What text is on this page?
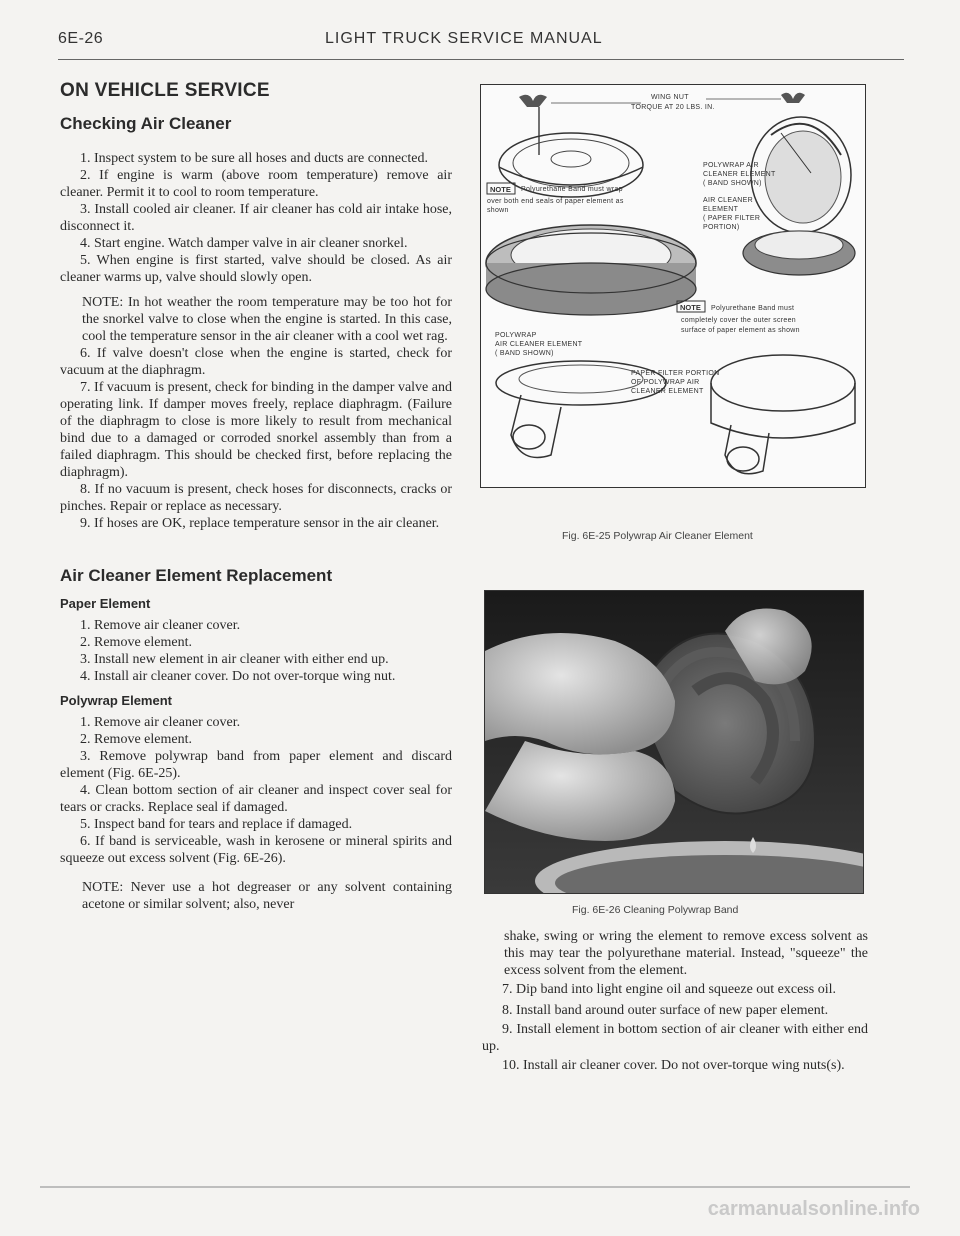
6E-26	LIGHT TRUCK SERVICE MANUAL
ON VEHICLE SERVICE
Checking Air Cleaner

1. Inspect system to be sure all hoses and ducts are connected.

2. If engine is warm (above room temperature) remove air cleaner. Permit it to cool to room temperature.

3. Install cooled air cleaner. If air cleaner has cold air intake hose, disconnect it.

4. Start engine. Watch damper valve in air cleaner snorkel.

5. When engine is first started, valve should be closed. As air cleaner warms up, valve should slowly open.

NOTE: In hot weather the room temperature may be too hot for the snorkel valve to close when the engine is started. In this case, cool the temperature sensor in the air cleaner with a cool wet rag.

6. If valve doesn't close when the engine is started, check for vacuum at the diaphragm.

7. If vacuum is present, check for binding in the damper valve and operating link. If damper moves freely, replace diaphragm. (Failure of the diaphragm to close is more likely to result from mechanical bind due to a damaged or corroded snorkel assembly than from a failed diaphragm. This should be checked first, before replacing the diaphragm).

8. If no vacuum is present, check hoses for disconnects, cracks or pinches. Repair or replace as necessary.

9. If hoses are OK, replace temperature sensor in the air cleaner.

Air Cleaner Element Replacement
Paper Element

1. Remove air cleaner cover.

2. Remove element.

3. Install new element in air cleaner with either end up.

4. Install air cleaner cover. Do not over-torque wing nut.

Polywrap Element

1. Remove air cleaner cover.

2. Remove element.

3. Remove polywrap band from paper element and discard element (Fig. 6E-25).

4. Clean bottom section of air cleaner and inspect cover seal for tears or cracks. Replace seal if damaged.

5. Inspect band for tears and replace if damaged.

6. If band is serviceable, wash in kerosene or mineral spirits and squeeze out excess solvent (Fig. 6E-26).

NOTE: Never use a hot degreaser or any solvent containing acetone or similar solvent; also, never

WING NUT
TORQUE AT 20 LBS. IN.
POLYWRAP AIR
CLEANER ELEMENT
( BAND SHOWN)
NOTE Polyurethane Band must wrap
over both end seals of paper element as
shown
AIR CLEANER
ELEMENT
( PAPER FILTER
PORTION)
NOTE Polyurethane Band must
completely cover the outer screen
surface of paper element as shown
POLYWRAP
AIR CLEANER ELEMENT
( BAND SHOWN)
PAPER FILTER PORTION
OF POLYWRAP AIR
CLEANER ELEMENT
Fig. 6E-25 Polywrap Air Cleaner Element
Fig. 6E-26 Cleaning Polywrap Band

shake, swing or wring the element to remove excess solvent as this may tear the polyurethane material. Instead, "squeeze" the excess solvent from the element.

7. Dip band into light engine oil and squeeze out excess oil.

8. Install band around outer surface of new paper element.

9. Install element in bottom section of air cleaner with either end up.

10. Install air cleaner cover. Do not over-torque wing nuts(s).

carmanualsonline.info
